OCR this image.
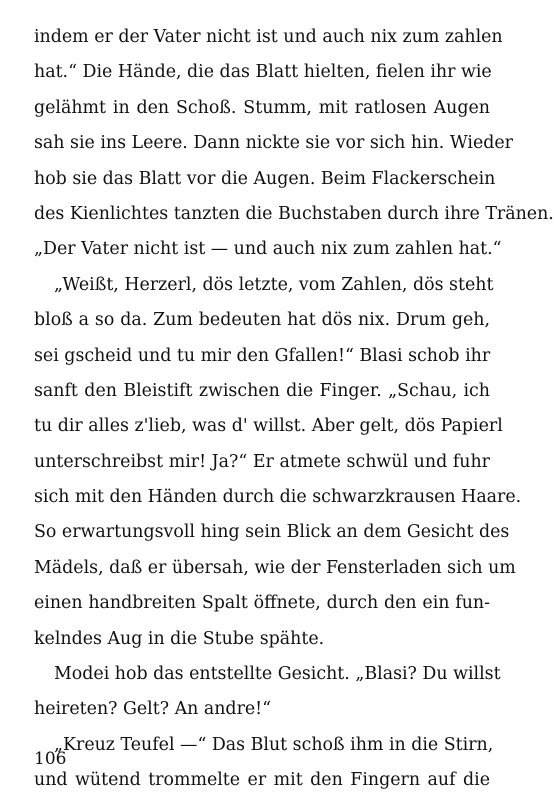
indem er der Vater nicht ist und auch nix zum zahlen
hat.“ Die Hände, die das Blatt hielten, fielen ihr wie
gelähmt in den Schoß. Stumm, mit ratlosen Augen
sah sie ins Leere. Dann nickte sie vor sich hin. Wieder
hob sie das Blatt vor die Augen. Beim Flackerschein
des Kienlichtes tanzten die Buchstaben durch ihre Tränen.
„Der Vater nicht ist — und auch nix zum zahlen hat.“
„Weißt, Herzerl, dös letzte, vom Zahlen, dös steht
bloß a so da. Zum bedeuten hat dös nix. Drum geh,
sei gscheid und tu mir den Gfallen!“ Blasi schob ihr
sanft den Bleistift zwischen die Finger. „Schau, ich
tu dir alles z'lieb, was d' willst. Aber gelt, dös Papierl
unterschreibst mir! Ja?“ Er atmete schwül und fuhr
sich mit den Händen durch die schwarzkrausen Haare.
So erwartungsvoll hing sein Blick an dem Gesicht des
Mädels, daß er übersah, wie der Fensterladen sich um
einen handbreiten Spalt öffnete, durch den ein fun-
kelndes Aug in die Stube spähte.
Modei hob das entstellte Gesicht. „Blasi? Du willst
heireten? Gelt? An andre!“
„Kreuz Teufel —“ Das Blut schoß ihm in die Stirn,
und wütend trommelte er mit den Fingern auf die
106
